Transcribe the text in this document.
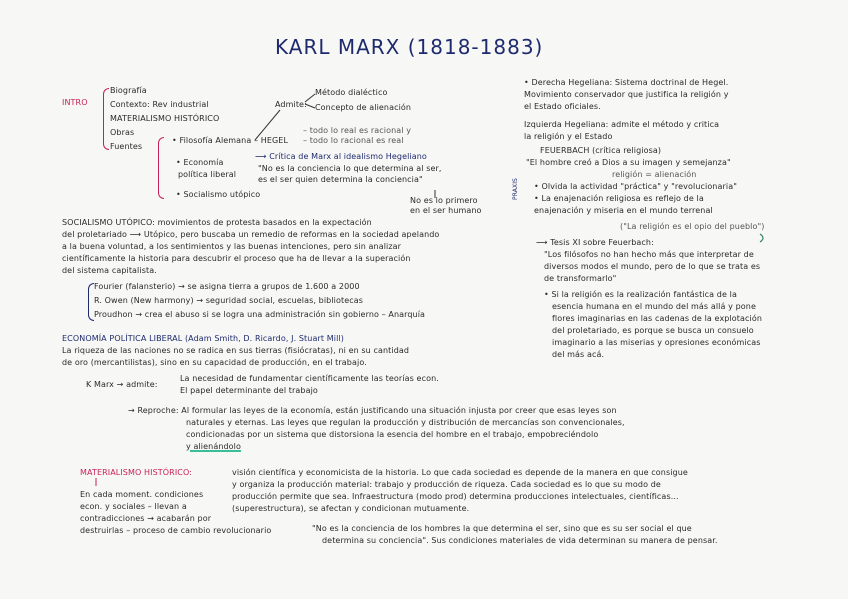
KARL MARX (1818-1883)
INTRO
Biografía
Contexto: Rev industrial
MATERIALISMO HISTÓRICO
Obras
Fuentes
Admite:
Método dialéctico
Concepto de alienación
• Filosofía Alemana – HEGEL
– todo lo real es racional y
– todo lo racional es real
• Economía
política liberal
⟶ Crítica de Marx al idealismo Hegeliano
"No es la conciencia lo que determina al ser,
es el ser quien determina la conciencia"
No es lo primero
en el ser humano
• Socialismo utópico
SOCIALISMO UTÓPICO: movimientos de protesta basados en la expectación
del proletariado ⟶ Utópico, pero buscaba un remedio de reformas en la sociedad apelando
a la buena voluntad, a los sentimientos y las buenas intenciones, pero sin analizar
científicamente la historia para descubrir el proceso que ha de llevar a la superación
del sistema capitalista.
Fourier (falansterio) → se asigna tierra a grupos de 1.600 a 2000
R. Owen (New harmony) → seguridad social, escuelas, bibliotecas
Proudhon → crea el abuso si se logra una administración sin gobierno – Anarquía
ECONOMÍA POLÍTICA LIBERAL (Adam Smith, D. Ricardo, J. Stuart Mill)
La riqueza de las naciones no se radica en sus tierras (fisiócratas), ni en su cantidad
de oro (mercantilistas), sino en su capacidad de producción, en el trabajo.
K Marx → admite:
La necesidad de fundamentar científicamente las teorías econ.
El papel determinante del trabajo
→ Reproche: Al formular las leyes de la economía, están justificando una situación injusta por creer que esas leyes son
naturales y eternas. Las leyes que regulan la producción y distribución de mercancías son convencionales,
condicionadas por un sistema que distorsiona la esencia del hombre en el trabajo, empobreciéndolo
y alienándolo
MATERIALISMO HISTÓRICO:	visión científica y economicista de la historia. Lo que cada sociedad es depende de la manera en que consigue
y organiza la producción material: trabajo y producción de riqueza. Cada sociedad es lo que su modo de
producción permite que sea. Infraestructura (modo prod) determina producciones intelectuales, científicas...
(superestructura), se afectan y condicionan mutuamente.
En cada moment. condiciones
econ. y sociales – llevan a
contradicciones → acabarán por
destruirlas – proceso de cambio revolucionario	"No es la conciencia de los hombres la que determina el ser, sino que es su ser social el que
determina su conciencia". Sus condiciones materiales de vida determinan su manera de pensar.
• Derecha Hegeliana: Sistema doctrinal de Hegel.
Movimiento conservador que justifica la religión y
el Estado oficiales.
Izquierda Hegeliana: admite el método y critica
la religión y el Estado
FEUERBACH (crítica religiosa)
"El hombre creó a Dios a su imagen y semejanza"
religión = alienación
PRAXIS • Olvida la actividad "práctica" y "revolucionaria"
• La enajenación religiosa es reflejo de la
enajenación y miseria en el mundo terrenal
("La religión es el opio del pueblo")
⟶ Tesis XI sobre Feuerbach:
"Los filósofos no han hecho más que interpretar de
diversos modos el mundo, pero de lo que se trata es
de transformarlo"
• Si la religión es la realización fantástica de la
esencia humana en el mundo del más allá y pone
flores imaginarias en las cadenas de la explotación
del proletariado, es porque se busca un consuelo
imaginario a las miserias y opresiones económicas
del más acá.
